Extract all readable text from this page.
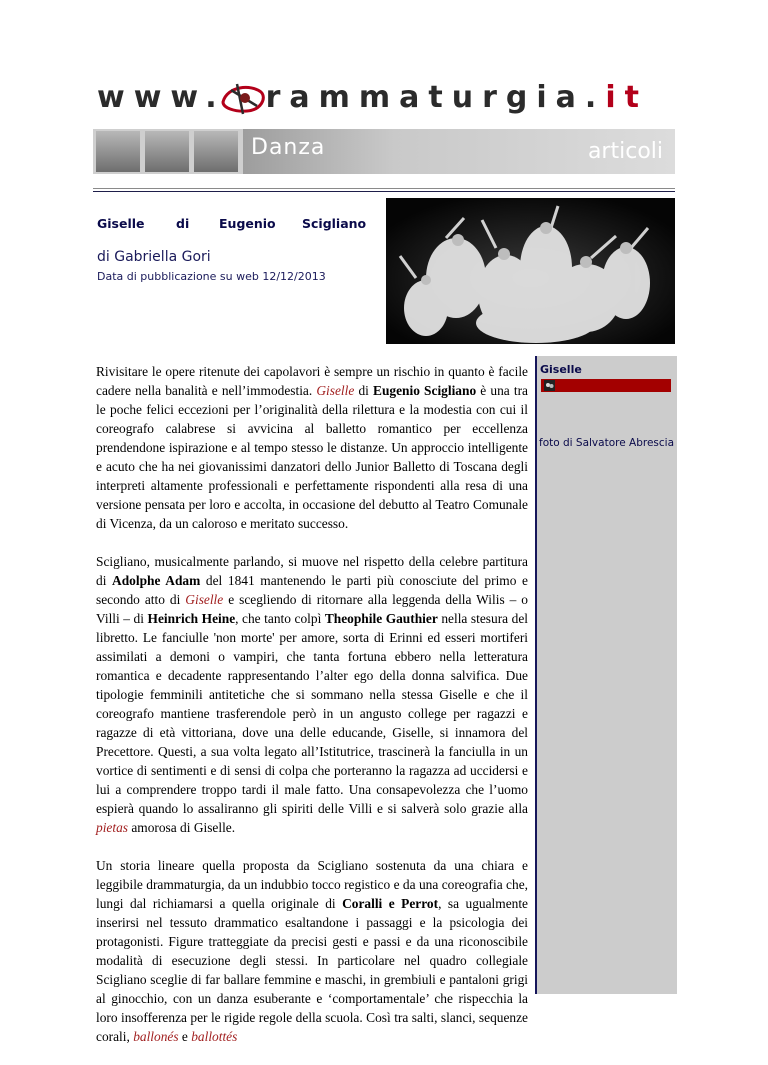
www. rammaturgia.it
Danza	articoli
Giselle	di Eugenio Scigliano
di Gabriella Gori
Data di pubblicazione su web 12/12/2013
Giselle
foto di Salvatore Abrescia

Rivisitare le opere ritenute dei capolavori è sempre un rischio in quanto è facile cadere nella banalità e nell’immodestia. Giselle di Eugenio Scigliano è una tra le poche felici eccezioni per l’originalità della rilettura e la modestia con cui il coreografo calabrese si avvicina al balletto romantico per eccellenza prendendone ispirazione e al tempo stesso le distanze. Un approccio intelligente e acuto che ha nei giovanissimi danzatori dello Junior Balletto di Toscana degli interpreti altamente professionali e perfettamente rispondenti alla resa di una versione pensata per loro e accolta, in occasione del debutto al Teatro Comunale di Vicenza, da un caloroso e meritato successo.

Scigliano, musicalmente parlando, si muove nel rispetto della celebre partitura di Adolphe Adam del 1841 mantenendo le parti più conosciute del primo e secondo atto di Giselle e scegliendo di ritornare alla leggenda della Wilis – o Villi – di Heinrich Heine, che tanto colpì Theophile Gauthier nella stesura del libretto. Le fanciulle 'non morte' per amore, sorta di Erinni ed esseri mortiferi assimilati a demoni o vampiri, che tanta fortuna ebbero nella letteratura romantica e decadente rappresentando l’alter ego della donna salvifica. Due tipologie femminili antitetiche che si sommano nella stessa Giselle e che il coreografo mantiene trasferendole però in un angusto college per ragazzi e ragazze di età vittoriana, dove una delle educande, Giselle, si innamora del Precettore. Questi, a sua volta legato all’Istitutrice, trascinerà la fanciulla in un vortice di sentimenti e di sensi di colpa che porteranno la ragazza ad uccidersi e lui a comprendere troppo tardi il male fatto. Una consapevolezza che l’uomo espierà quando lo assaliranno gli spiriti delle Villi e si salverà solo grazie alla pietas amorosa di Giselle.

Un storia lineare quella proposta da Scigliano sostenuta da una chiara e leggibile drammaturgia, da un indubbio tocco registico e da una coreografia che, lungi dal richiamarsi a quella originale di Coralli e Perrot, sa ugualmente inserirsi nel tessuto drammatico esaltandone i passaggi e la psicologia dei protagonisti. Figure tratteggiate da precisi gesti e passi e da una riconoscibile modalità di esecuzione degli stessi. In particolare nel quadro collegiale Scigliano sceglie di far ballare femmine e maschi, in grembiuli e pantaloni grigi al ginocchio, con un danza esuberante e ‘comportamentale’ che rispecchia la loro insofferenza per le rigide regole della scuola. Così tra salti, slanci, sequenze corali, ballonés e ballottés
